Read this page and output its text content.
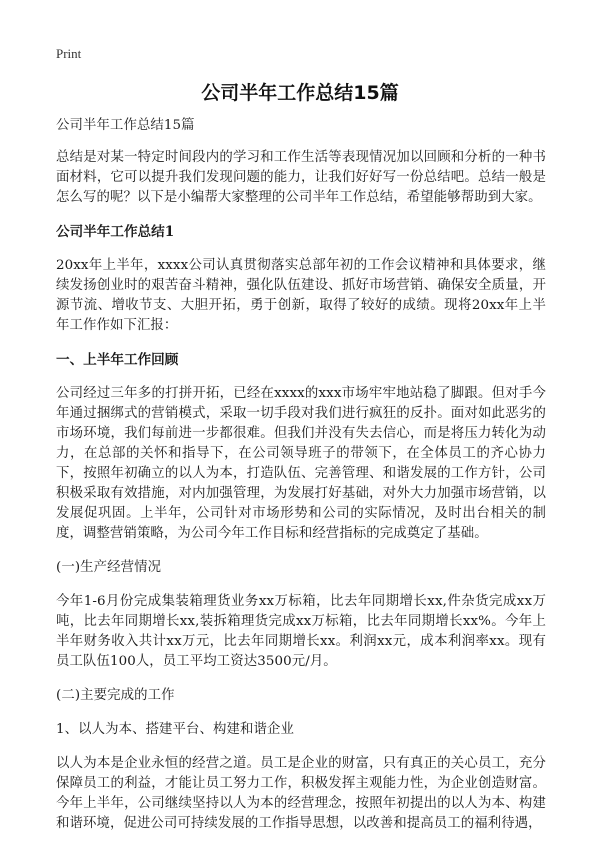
Print
公司半年工作总结15篇

公司半年工作总结15篇

总结是对某一特定时间段内的学习和工作生活等表现情况加以回顾和分析的一种书面材料，它可以提升我们发现问题的能力，让我们好好写一份总结吧。总结一般是怎么写的呢？以下是小编帮大家整理的公司半年工作总结，希望能够帮助到大家。

公司半年工作总结1

20xx年上半年，xxxx公司认真贯彻落实总部年初的工作会议精神和具体要求，继续发扬创业时的艰苦奋斗精神，强化队伍建设、抓好市场营销、确保安全质量，开源节流、增收节支、大胆开拓，勇于创新，取得了较好的成绩。现将20xx年上半年工作作如下汇报：

一、上半年工作回顾

公司经过三年多的打拼开拓，已经在xxxx的xxx市场牢牢地站稳了脚跟。但对手今年通过捆绑式的营销模式，采取一切手段对我们进行疯狂的反扑。面对如此恶劣的市场环境，我们每前进一步都很难。但我们并没有失去信心，而是将压力转化为动力，在总部的关怀和指导下，在公司领导班子的带领下，在全体员工的齐心协力下，按照年初确立的以人为本，打造队伍、完善管理、和谐发展的工作方针，公司积极采取有效措施，对内加强管理，为发展打好基础，对外大力加强市场营销，以发展促巩固。上半年，公司针对市场形势和公司的实际情况，及时出台相关的制度，调整营销策略，为公司今年工作目标和经营指标的完成奠定了基础。

(一)生产经营情况

今年1-6月份完成集装箱理货业务xx万标箱，比去年同期增长xx,件杂货完成xx万吨，比去年同期增长xx,装拆箱理货完成xx万标箱，比去年同期增长xx%。今年上半年财务收入共计xx万元，比去年同期增长xx。利润xx元，成本利润率xx。现有员工队伍100人，员工平均工资达3500元/月。

(二)主要完成的工作

1、以人为本、搭建平台、构建和谐企业

以人为本是企业永恒的经营之道。员工是企业的财富，只有真正的关心员工，充分保障员工的利益，才能让员工努力工作，积极发挥主观能力性，为企业创造财富。今年上半年，公司继续坚持以人为本的经营理念，按照年初提出的以人为本、构建和谐环境，促进公司可持续发展的工作指导思想，以改善和提高员工的福利待遇，
